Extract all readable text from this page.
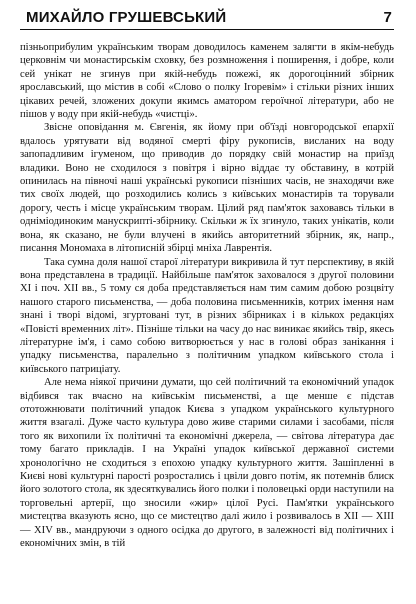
МИХАЙЛО ГРУШЕВСЬКИЙ	7

пізньоприбулим українським творам доводилось каменем залягти в якім-небудь церковнім чи монастирськім сховку, без розмноження і поширення, і добре, коли сей унікат не згинув при якій-небудь пожежі, як дорогоцінний збірник ярославський, що містив в собі «Слово о полку Ігоревім» і стільки різних інших цікавих речей, зложених докупи якимсь аматором героїчної літератури, або не пішов у воду при якій-небудь «чистці».

Звісне оповідання м. Євгенія, як йому при об'їзді новгородської епархії вдалось урятувати від водяної смерті фіру рукописів, висланих на воду запопадливим ігуменом, що приводив до порядку свій монастир на приїзд владики. Воно не сходилося з повітря і вірно віддає ту обставину, в котрій опинилась на півночі наші українські рукописи пізніших часів, не знаходячи вже тих своїх людей, що розходились колись з київських монастирів та торували дорогу, честь і місце українським творам. Цілий ряд пам'яток заховавсь тільки в одніміодиноким манускрипті-збірнику. Скільки ж їх згинуло, таких унікатів, коли вона, як сказано, не були влучені в якийсь авторитетний збірник, як, напр., писання Мономаха в літописній збірці мніха Лаврентія.

Така сумна доля нашої старої літератури викривила й тут перспективу, в якій вона представлена в традиції. Найбільше пам'яток заховалося з другої половини XI і поч. XII вв., 5 тому ся доба представляється нам тим самим добою розцвіту нашого старого письменства, — доба половина письменників, котрих імення нам знані і творі відомі, згуртовані тут, в різних збірниках і в кількох редакціях «Повісті временних літ». Пізніше тільки на часу до нас виникає якийсь твір, якесь літературне ім'я, і само собою витворюється у нас в голові образ занікання і упадку письменства, паралельно з політичним упадком київського стола і київського патриціату.

Але нема ніякої причини думати, що сей політичний та економічний упадок відбився так вчасно на київськім письменстві, а ще менше є підстав ототожнювати політичний упадок Києва з упадком українського культурного життя взагалі. Дуже часто культура дово живе старими силами і засобами, після того як вихопили їх політичні та економічні джерела, — світова література дає тому багато прикладів. І на Україні упадок київської державної системи хронологічно не сходиться з епохою упадку культурного життя. Зашіпленні в Києві нові культурні паростi розростались і цвіли довго потім, як потемнів блиск його золотого стола, як здесяткувались його полки і половецькі орди наступили на торговельні артерії, що зносили «жир» цілої Русі. Пам'ятки українського мистецтва вказують ясно, що се мистецтво далі жило і розвивалось в XII — XIII — XIV вв., мандруючи з одного осідка до другого, в залежності від політичних і економічних змін, в тій
